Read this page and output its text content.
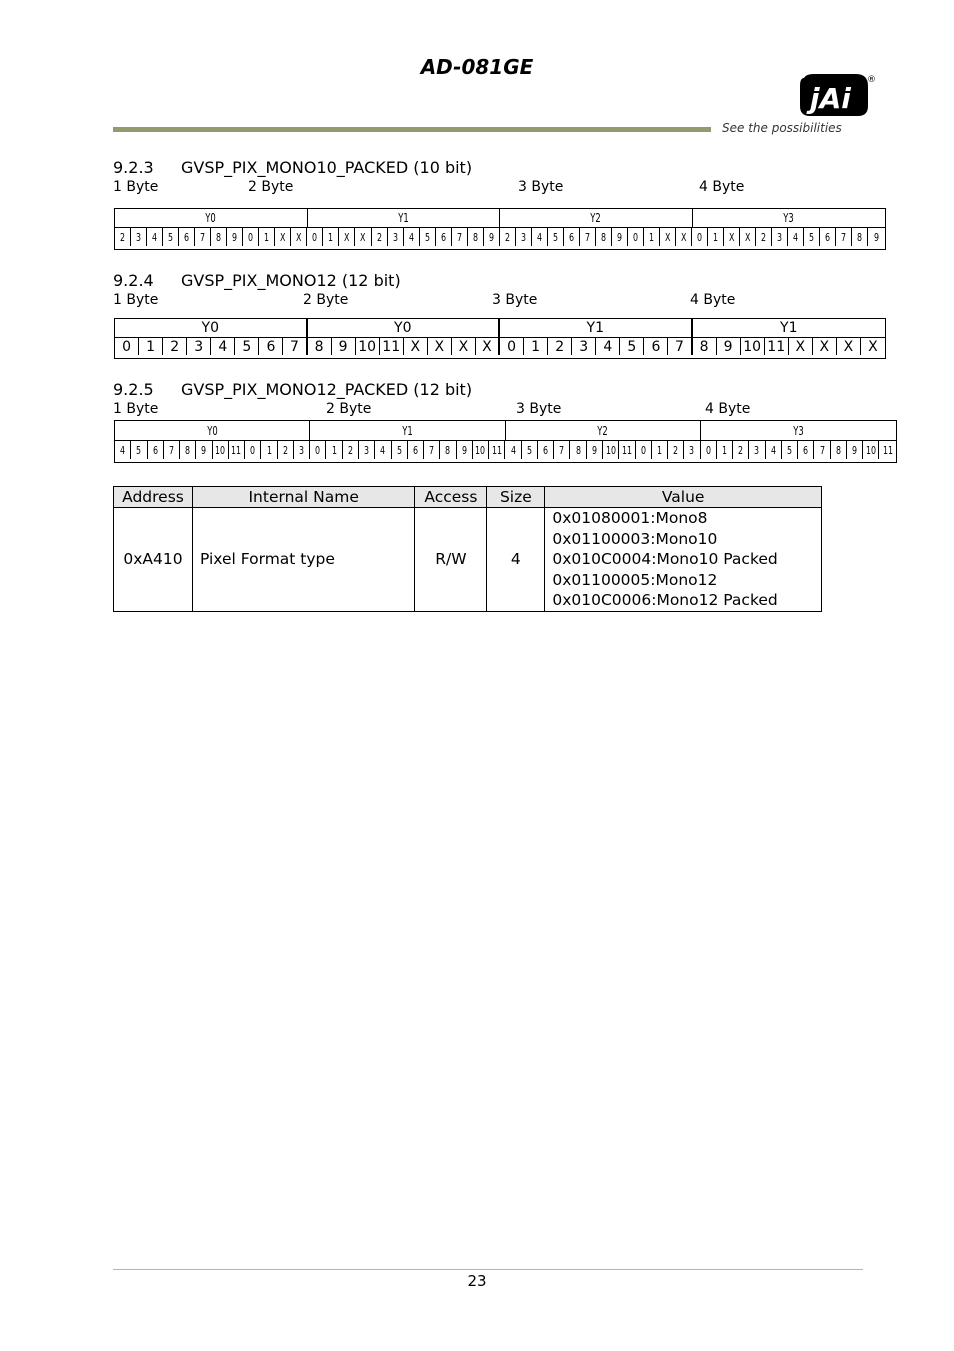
AD-081GE
jAi
®
See the possibilities
9.2.3 GVSP_PIX_MONO10_PACKED (10 bit)
1 Byte	2 Byte	3 Byte	4 Byte
Y0	Y1	Y2	Y3
2 3 4 5 6 7 8 9 0 1 X X 0 1 X X 2 3 4 5 6 7 8 9 2 3 4 5 6 7 8 9 0 1 X X 0 1 X X 2 3 4 5 6 7 8 9
9.2.4 GVSP_PIX_MONO12 (12 bit)
1 Byte	2 Byte	3 Byte	4 Byte
Y0	Y0	Y1	Y1
0 1 2 3 4 5 6 7 8 9 10 11 X X X X 0 1 2 3 4 5 6 7 8 9 10 11 X X X X
9.2.5 GVSP_PIX_MONO12_PACKED (12 bit)
1 Byte	2 Byte	3 Byte	4 Byte
Y0	Y1	Y2	Y3
4 5 6 7 8 9 10 11 0 1 2 3 0 1 2 3 4 5 6 7 8 9 10 11 4 5 6 7 8 9 10 11 0 1 2 3 0 1 2 3 4 5 6 7 8 9 10 11
Address	Internal Name	Access	Size	Value
0xA410	Pixel Format type	R/W	4	0x01080001:Mono8
0x01100003:Mono10
0x010C0004:Mono10 Packed
0x01100005:Mono12
0x010C0006:Mono12 Packed
23
